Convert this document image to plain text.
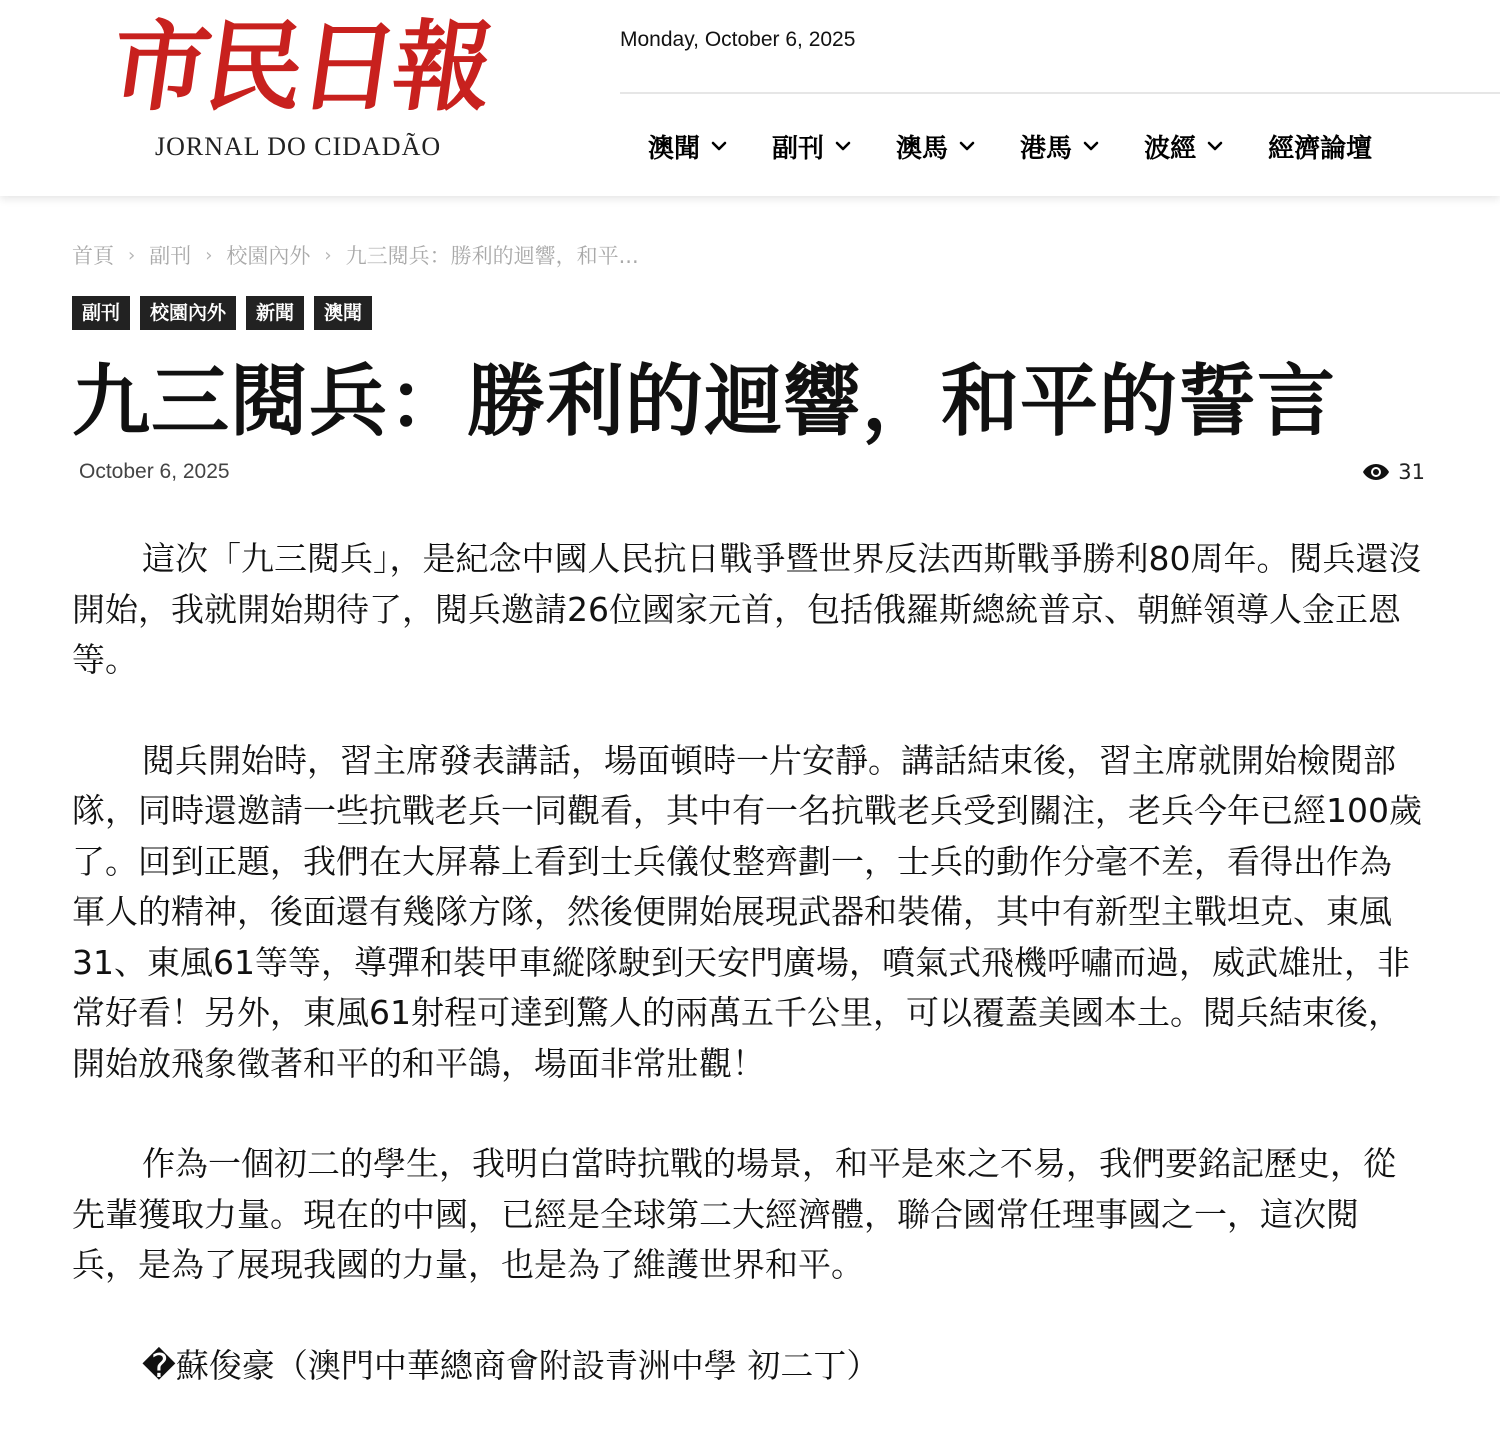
市民日報
JORNAL DO CIDADÃO
Monday, October 6, 2025
澳聞	副刊	澳馬	港馬	波經	經濟論壇
首頁 › 副刊 › 校園內外 › 九三閱兵：勝利的迴響，和平...
副刊	校園內外	新聞	澳聞
九三閱兵：勝利的迴響，和平的誓言
October 6, 2025	31

這次「九三閱兵」，是紀念中國人民抗日戰爭暨世界反法西斯戰爭勝利80周年。閱兵還沒開始，我就開始期待了，閱兵邀請26位國家元首，包括俄羅斯總統普京、朝鮮領導人金正恩等。

閱兵開始時，習主席發表講話，場面頓時一片安靜。講話結束後，習主席就開始檢閱部隊，同時還邀請一些抗戰老兵一同觀看，其中有一名抗戰老兵受到關注，老兵今年已經100歲了。回到正題，我們在大屏幕上看到士兵儀仗整齊劃一，士兵的動作分毫不差，看得出作為軍人的精神，後面還有幾隊方隊，然後便開始展現武器和裝備，其中有新型主戰坦克、東風31、東風61等等，導彈和裝甲車縱隊駛到天安門廣場，噴氣式飛機呼嘯而過，威武雄壯，非常好看！另外，東風61射程可達到驚人的兩萬五千公里，可以覆蓋美國本土。閱兵結束後，開始放飛象徵著和平的和平鴿，場面非常壯觀！

作為一個初二的學生，我明白當時抗戰的場景，和平是來之不易，我們要銘記歷史，從先輩獲取力量。現在的中國，已經是全球第二大經濟體，聯合國常任理事國之一，這次閱兵，是為了展現我國的力量，也是為了維護世界和平。

�蘇俊豪（澳門中華總商會附設青洲中學 初二丁）
